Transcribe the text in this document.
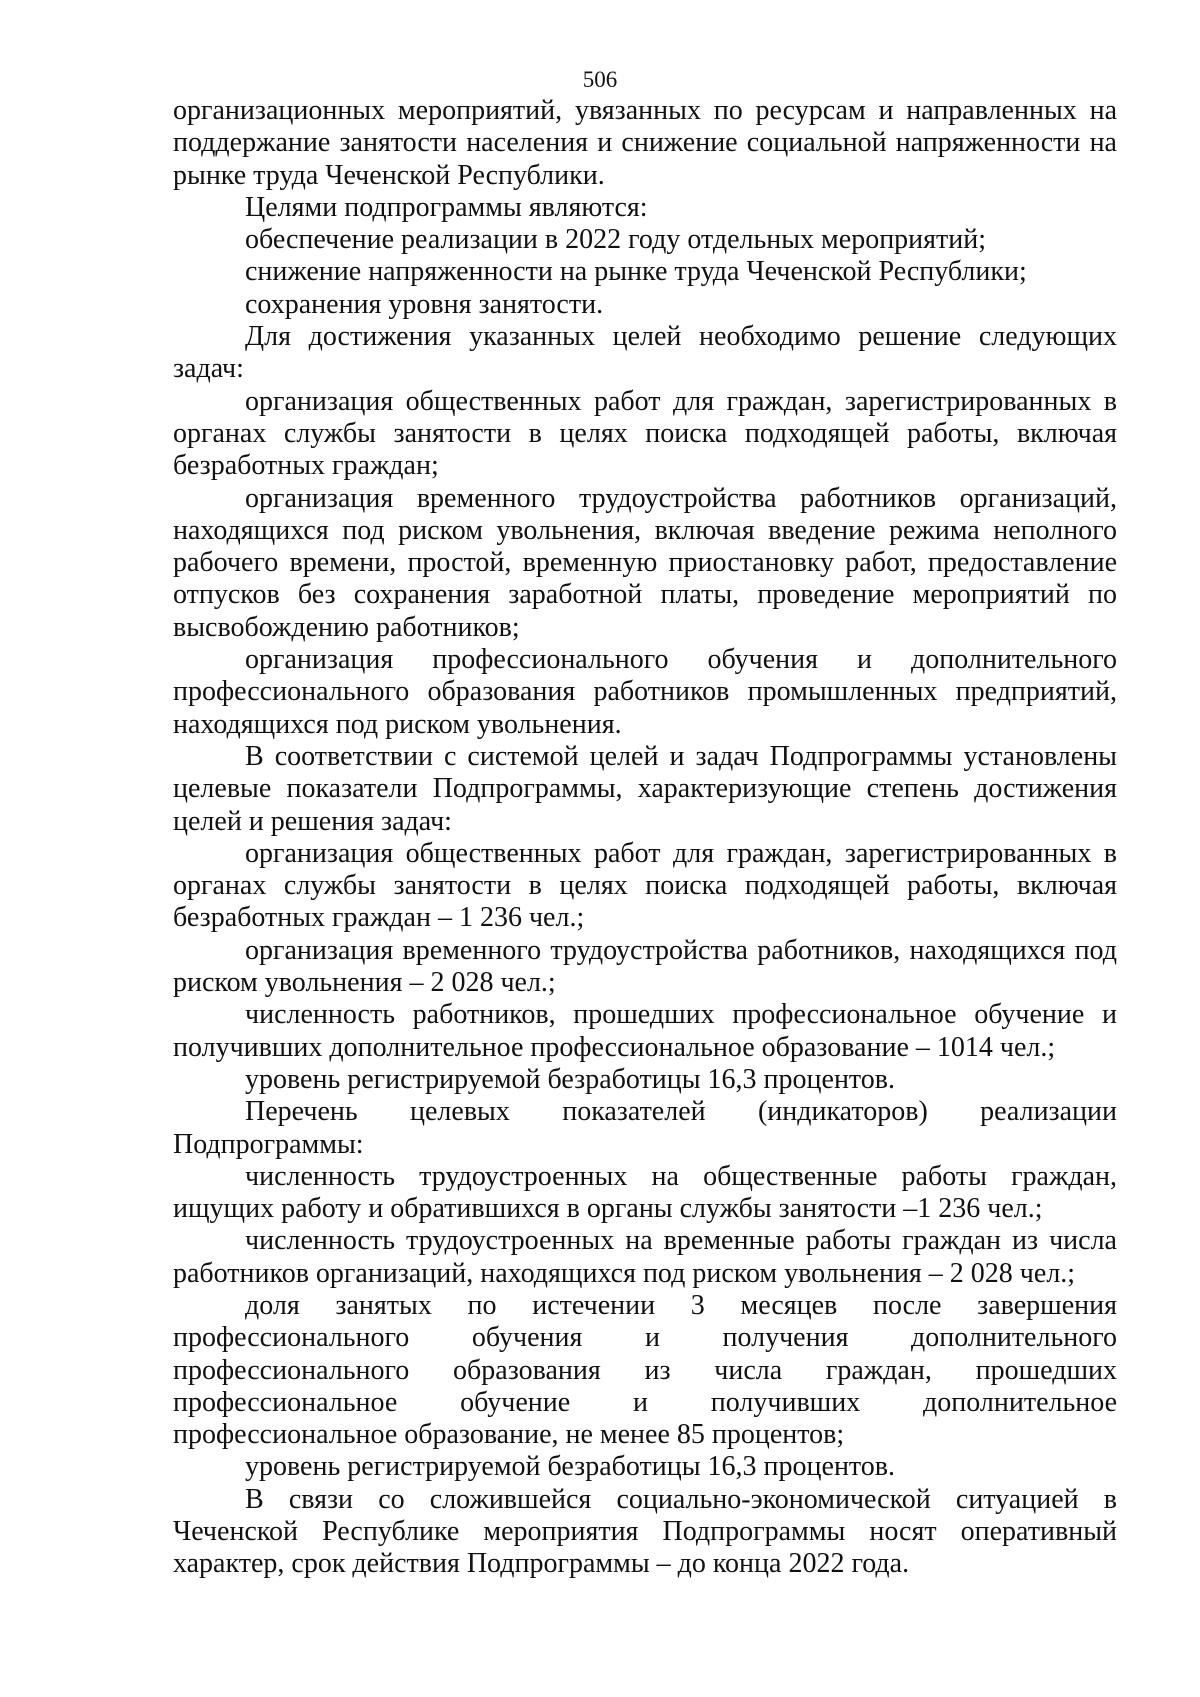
506

организационных мероприятий, увязанных по ресурсам и направленных на поддержание занятости населения и снижение социальной напряженности на рынке труда Чеченской Республики.

Целями подпрограммы являются:

обеспечение реализации в 2022 году отдельных мероприятий;

снижение напряженности на рынке труда Чеченской Республики;

сохранения уровня занятости.

Для достижения указанных целей необходимо решение следующих задач:

организация общественных работ для граждан, зарегистрированных в органах службы занятости в целях поиска подходящей работы, включая безработных граждан;

организация временного трудоустройства работников организаций, находящихся под риском увольнения, включая введение режима неполного рабочего времени, простой, временную приостановку работ, предоставление отпусков без сохранения заработной платы, проведение мероприятий по высвобождению работников;

организация профессионального обучения и дополнительного профессионального образования работников промышленных предприятий, находящихся под риском увольнения.

В соответствии с системой целей и задач Подпрограммы установлены целевые показатели Подпрограммы, характеризующие степень достижения целей и решения задач:

организация общественных работ для граждан, зарегистрированных в органах службы занятости в целях поиска подходящей работы, включая безработных граждан – 1 236 чел.;

организация временного трудоустройства работников, находящихся под риском увольнения – 2 028 чел.;

численность работников, прошедших профессиональное обучение и получивших дополнительное профессиональное образование – 1014 чел.;

уровень регистрируемой безработицы 16,3 процентов.

Перечень целевых показателей (индикаторов) реализации Подпрограммы:

численность трудоустроенных на общественные работы граждан, ищущих работу и обратившихся в органы службы занятости –1 236 чел.;

численность трудоустроенных на временные работы граждан из числа работников организаций, находящихся под риском увольнения – 2 028 чел.;

доля занятых по истечении 3 месяцев после завершения профессионального обучения и получения дополнительного профессионального образования из числа граждан, прошедших профессиональное обучение и получивших дополнительное профессиональное образование, не менее 85 процентов;

уровень регистрируемой безработицы 16,3 процентов.

В связи со сложившейся социально-экономической ситуацией в Чеченской Республике мероприятия Подпрограммы носят оперативный характер, срок действия Подпрограммы – до конца 2022 года.
